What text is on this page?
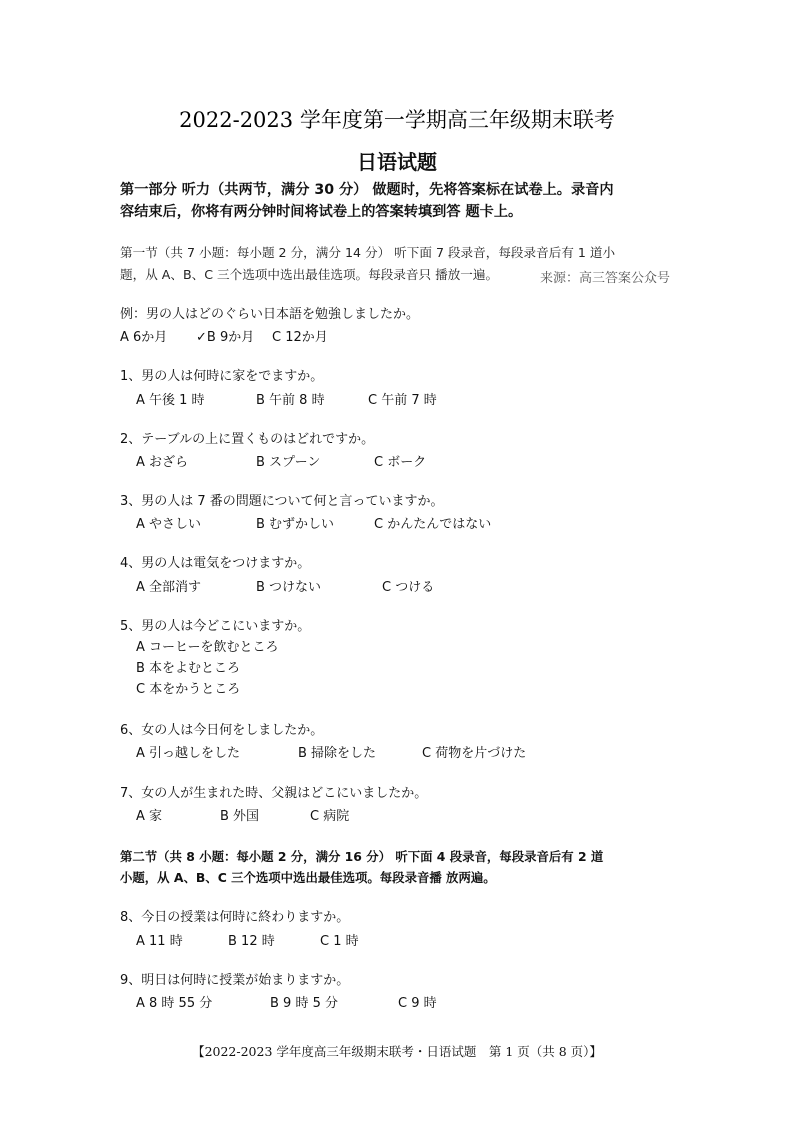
2022-2023 学年度第一学期高三年级期末联考
日语试题
第一部分 听力（共两节，满分 30 分） 做题时，先将答案标在试卷上。录音内
容结束后，你将有两分钟时间将试卷上的答案转填到答 题卡上。
第一节（共 7 小题：每小题 2 分，满分 14 分） 听下面 7 段录音，每段录音后有 1 道小
题，从 A、B、C 三个选项中选出最佳选项。每段录音只 播放一遍。	来源：高三答案公众号
例：男の人はどのぐらい日本語を勉強しましたか。
A 6か月 ✓B 9か月 C 12か月
1、男の人は何時に家をでますか。
A 午後 1 時	B 午前 8 時	C 午前 7 時
2、テーブルの上に置くものはどれですか。
A おざら	B スプーン	C ボーク
3、男の人は 7 番の問題について何と言っていますか。
A やさしい	B むずかしい	C かんたんではない
4、男の人は電気をつけますか。
A 全部消す	B つけない	C つける
5、男の人は今どこにいますか。
A コーヒーを飲むところ
B 本をよむところ
C 本をかうところ
6、女の人は今日何をしましたか。
A 引っ越しをした	B 掃除をした	C 荷物を片づけた
7、女の人が生まれた時、父親はどこにいましたか。
A 家	B 外国	C 病院
第二节（共 8 小题：每小题 2 分，满分 16 分） 听下面 4 段录音，每段录音后有 2 道
小题，从 A、B、C 三个选项中选出最佳选项。每段录音播 放两遍。
8、今日の授業は何時に終わりますか。
A 11 時	B 12 時	C 1 時
9、明日は何時に授業が始まりますか。
A 8 時 55 分	B 9 時 5 分	C 9 時
【2022-2023 学年度高三年级期末联考・日语试题　第 1 页（共 8 页）】
